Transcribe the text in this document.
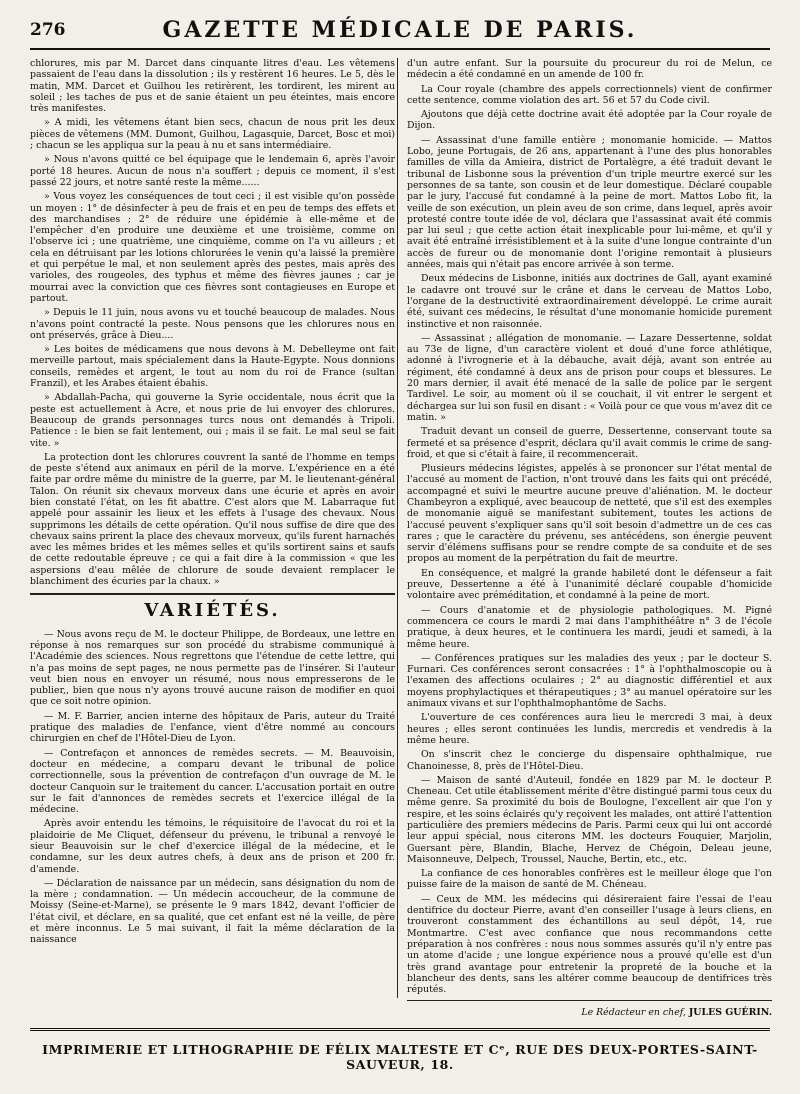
276	GAZETTE MÉDICALE DE PARIS.

chlorures, mis par M. Darcet dans cinquante litres d'eau. Les vêtemens passaient de l'eau dans la dissolution ; ils y restèrent 16 heures. Le 5, dès le matin, MM. Darcet et Guilhou les retirèrent, les tordirent, les mirent au soleil ; les taches de pus et de sanie étaient un peu éteintes, mais encore très manifestes.

» A midi, les vêtemens étant bien secs, chacun de nous prit les deux pièces de vêtemens (MM. Dumont, Guilhou, Lagasquie, Darcet, Bosc et moi) ; chacun se les appliqua sur la peau à nu et sans intermédiaire.

» Nous n'avons quitté ce bel équipage que le lendemain 6, après l'avoir porté 18 heures. Aucun de nous n'a souffert ; depuis ce moment, il s'est passé 22 jours, et notre santé reste la même......

» Vous voyez les conséquences de tout ceci ; il est visible qu'on possède un moyen : 1° de désinfecter à peu de frais et en peu de temps des effets et des marchandises ; 2° de réduire une épidémie à elle-même et de l'empêcher d'en produire une deuxième et une troisième, comme on l'observe ici ; une quatrième, une cinquième, comme on l'a vu ailleurs ; et cela en détruisant par les lotions chlorurées le venin qu'a laissé la première et qui perpétue le mal, et non seulement après des pestes, mais après des varioles, des rougeoles, des typhus et même des fièvres jaunes ; car je mourrai avec la conviction que ces fièvres sont contagieuses en Europe et partout.

» Depuis le 11 juin, nous avons vu et touché beaucoup de malades. Nous n'avons point contracté la peste. Nous pensons que les chlorures nous en ont préservés, grâce à Dieu....

» Les boites de médicamens que nous devons à M. Debelleyme ont fait merveille partout, mais spécialement dans la Haute-Egypte. Nous donnions conseils, remèdes et argent, le tout au nom du roi de France (sultan Franzil), et les Arabes étaient ébahis.

» Abdallah-Pacha, qui gouverne la Syrie occidentale, nous écrit que la peste est actuellement à Acre, et nous prie de lui envoyer des chlorures. Beaucoup de grands personnages turcs nous ont demandés à Tripoli. Patience : le bien se fait lentement, oui ; mais il se fait. Le mal seul se fait vite. »

La protection dont les chlorures couvrent la santé de l'homme en temps de peste s'étend aux animaux en péril de la morve. L'expérience en a été faite par ordre même du ministre de la guerre, par M. le lieutenant-général Talon. On réunit six chevaux morveux dans une écurie et après en avoir bien constaté l'état, on les fit abattre. C'est alors que M. Labarraque fut appelé pour assainir les lieux et les effets à l'usage des chevaux. Nous supprimons les détails de cette opération. Qu'il nous suffise de dire que des chevaux sains prirent la place des chevaux morveux, qu'ils furent harnachés avec les mêmes brides et les mêmes selles et qu'ils sortirent sains et saufs de cette redoutable épreuve ; ce qui a fait dire à la commission « que les aspersions d'eau mêlée de chlorure de soude devaient remplacer le blanchiment des écuries par la chaux. »

VARIÉTÉS.

— Nous avons reçu de M. le docteur Philippe, de Bordeaux, une lettre en réponse à nos remarques sur son procédé du strabisme communiqué à l'Académie des sciences. Nous regrettons que l'étendue de cette lettre, qui n'a pas moins de sept pages, ne nous permette pas de l'insérer. Si l'auteur veut bien nous en envoyer un résumé, nous nous empresserons de le publier,, bien que nous n'y ayons trouvé aucune raison de modifier en quoi que ce soit notre opinion.

— M. F. Barrier, ancien interne des hôpitaux de Paris, auteur du Traité pratique des maladies de l'enfance, vient d'être nommé au concours chirurgien en chef de l'Hôtel-Dieu de Lyon.

— Contrefaçon et annonces de remèdes secrets. — M. Beauvoisin, docteur en médecine, a comparu devant le tribunal de police correctionnelle, sous la prévention de contrefaçon d'un ouvrage de M. le docteur Canquoin sur le traitement du cancer. L'accusation portait en outre sur le fait d'annonces de remèdes secrets et l'exercice illégal de la médecine.

Après avoir entendu les témoins, le réquisitoire de l'avocat du roi et la plaidoirie de Me Cliquet, défenseur du prévenu, le tribunal a renvoyé le sieur Beauvoisin sur le chef d'exercice illégal de la médecine, et le condamne, sur les deux autres chefs, à deux ans de prison et 200 fr. d'amende.

— Déclaration de naissance par un médecin, sans désignation du nom de la mère ; condamnation. — Un médecin accoucheur, de la commune de Moissy (Seine-et-Marne), se présente le 9 mars 1842, devant l'officier de l'état civil, et déclare, en sa qualité, que cet enfant est né la veille, de père et mère inconnus. Le 5 mai suivant, il fait la même déclaration de la naissance

d'un autre enfant. Sur la poursuite du procureur du roi de Melun, ce médecin a été condamné en un amende de 100 fr.

La Cour royale (chambre des appels correctionnels) vient de confirmer cette sentence, comme violation des art. 56 et 57 du Code civil.

Ajoutons que déjà cette doctrine avait été adoptée par la Cour royale de Dijon.

— Assassinat d'une famille entière ; monomanie homicide. — Mattos Lobo, jeune Portugais, de 26 ans, appartenant à l'une des plus honorables familles de villa da Amieira, district de Portalègre, a été traduit devant le tribunal de Lisbonne sous la prévention d'un triple meurtre exercé sur les personnes de sa tante, son cousin et de leur domestique. Déclaré coupable par le jury, l'accusé fut condamné à la peine de mort. Mattos Lobo fit, la veille de son exécution, un plein aveu de son crime, dans lequel, après avoir protesté contre toute idée de vol, déclara que l'assassinat avait été commis par lui seul ; que cette action était inexplicable pour lui-même, et qu'il y avait été entraîné irrésistiblement et à la suite d'une longue contrainte d'un accès de fureur ou de monomanie dont l'origine remontait à plusieurs années, mais qui n'était pas encore arrivée à son terme.

Deux médecins de Lisbonne, initiés aux doctrines de Gall, ayant examiné le cadavre ont trouvé sur le crâne et dans le cerveau de Mattos Lobo, l'organe de la destructivité extraordinairement développé. Le crime aurait été, suivant ces médecins, le résultat d'une monomanie homicide purement instinctive et non raisonnée.

— Assassinat ; allégation de monomanie. — Lazare Dessertenne, soldat au 73e de ligne, d'un caractère violent et doué d'une force athlétique, adonné à l'ivrognerie et à la débauche, avait déjà, avant son entrée au régiment, été condamné à deux ans de prison pour coups et blessures. Le 20 mars dernier, il avait été menacé de la salle de police par le sergent Tardivel. Le soir, au moment où il se couchait, il vit entrer le sergent et déchargea sur lui son fusil en disant : « Voilà pour ce que vous m'avez dit ce matin. »

Traduit devant un conseil de guerre, Dessertenne, conservant toute sa fermeté et sa présence d'esprit, déclara qu'il avait commis le crime de sang-froid, et que si c'était à faire, il recommencerait.

Plusieurs médecins légistes, appelés à se prononcer sur l'état mental de l'accusé au moment de l'action, n'ont trouvé dans les faits qui ont précédé, accompagné et suivi le meurtre aucune preuve d'aliénation. M. le docteur Chambeyron a expliqué, avec beaucoup de netteté, que s'il est des exemples de monomanie aiguë se manifestant subitement, toutes les actions de l'accusé peuvent s'expliquer sans qu'il soit besoin d'admettre un de ces cas rares ; que le caractère du prévenu, ses antécédens, son énergie peuvent servir d'élémens suffisans pour se rendre compte de sa conduite et de ses propos au moment de la perpétration du fait de meurtre.

En conséquence, et malgré la grande habileté dont le défenseur a fait preuve, Dessertenne a été à l'unanimité déclaré coupable d'homicide volontaire avec préméditation, et condamné à la peine de mort.

— Cours d'anatomie et de physiologie pathologiques. M. Pigné commencera ce cours le mardi 2 mai dans l'amphithéâtre n° 3 de l'école pratique, à deux heures, et le continuera les mardi, jeudi et samedi, à la même heure.

— Conférences pratiques sur les maladies des yeux ; par le docteur S. Furnari. Ces conférences seront consacrées : 1° à l'ophthalmoscopie ou à l'examen des affections oculaires ; 2° au diagnostic différentiel et aux moyens prophylactiques et thérapeutiques ; 3° au manuel opératoire sur les animaux vivans et sur l'ophthalmophantôme de Sachs.

L'ouverture de ces conférences aura lieu le mercredi 3 mai, à deux heures ; elles seront continuées les lundis, mercredis et vendredis à la même heure.

On s'inscrit chez le concierge du dispensaire ophthalmique, rue Chanoinesse, 8, près de l'Hôtel-Dieu.

— Maison de santé d'Auteuil, fondée en 1829 par M. le docteur P. Cheneau. Cet utile établissement mérite d'être distingué parmi tous ceux du même genre. Sa proximité du bois de Boulogne, l'excellent air que l'on y respire, et les soins éclairés qu'y reçoivent les malades, ont attiré l'attention particulière des premiers médecins de Paris. Parmi ceux qui lui ont accordé leur appui spécial, nous citerons MM. les docteurs Fouquier, Marjolin, Guersant père, Blandin, Blache, Hervez de Chégoin, Deleau jeune, Maisonneuve, Delpech, Troussel, Nauche, Bertin, etc., etc.

La confiance de ces honorables confrères est le meilleur éloge que l'on puisse faire de la maison de santé de M. Chéneau.

— Ceux de MM. les médecins qui désireraient faire l'essai de l'eau dentifrice du docteur Pierre, avant d'en conseiller l'usage à leurs cliens, en trouveront constamment des échantillons au seul dépôt, 14, rue Montmartre. C'est avec confiance que nous recommandons cette préparation à nos confrères : nous nous sommes assurés qu'il n'y entre pas un atome d'acide ; une longue expérience nous a prouvé qu'elle est d'un très grand avantage pour entretenir la propreté de la bouche et la blancheur des dents, sans les altérer comme beaucoup de dentifrices très réputés.

Le Rédacteur en chef, JULES GUÉRIN.
IMPRIMERIE ET LITHOGRAPHIE DE FÉLIX MALTESTE ET Cᵉ, RUE DES DEUX-PORTES-SAINT-SAUVEUR, 18.
